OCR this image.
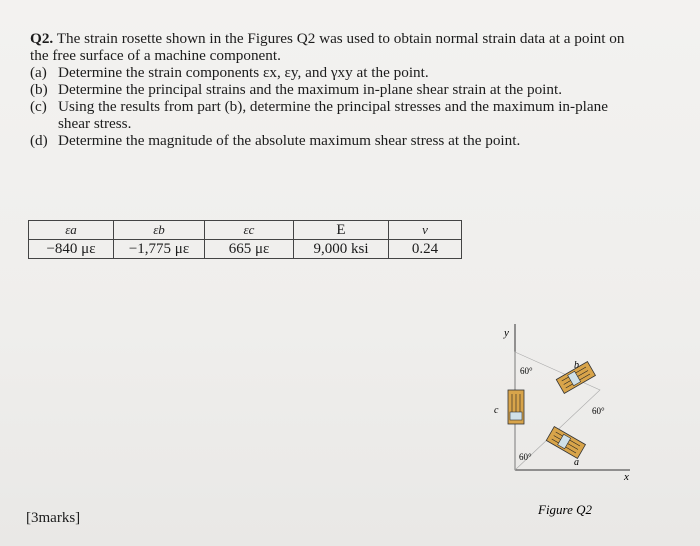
Q2. The strain rosette shown in the Figures Q2 was used to obtain normal strain data at a point on

the free surface of a machine component.

(a) Determine the strain components εx, εy, and γxy at the point.
(b) Determine the principal strains and the maximum in-plane shear strain at the point.
(c) Using the results from part (b), determine the principal stresses and the maximum in-plane
shear stress.
(d) Determine the magnitude of the absolute maximum shear stress at the point.
εa	εb	εc	E	ν
−840 με	−1,775 με	665 με	9,000 ksi	0.24
y
x
c
b
a
60°
60°
60°
Figure Q2
[3marks]
